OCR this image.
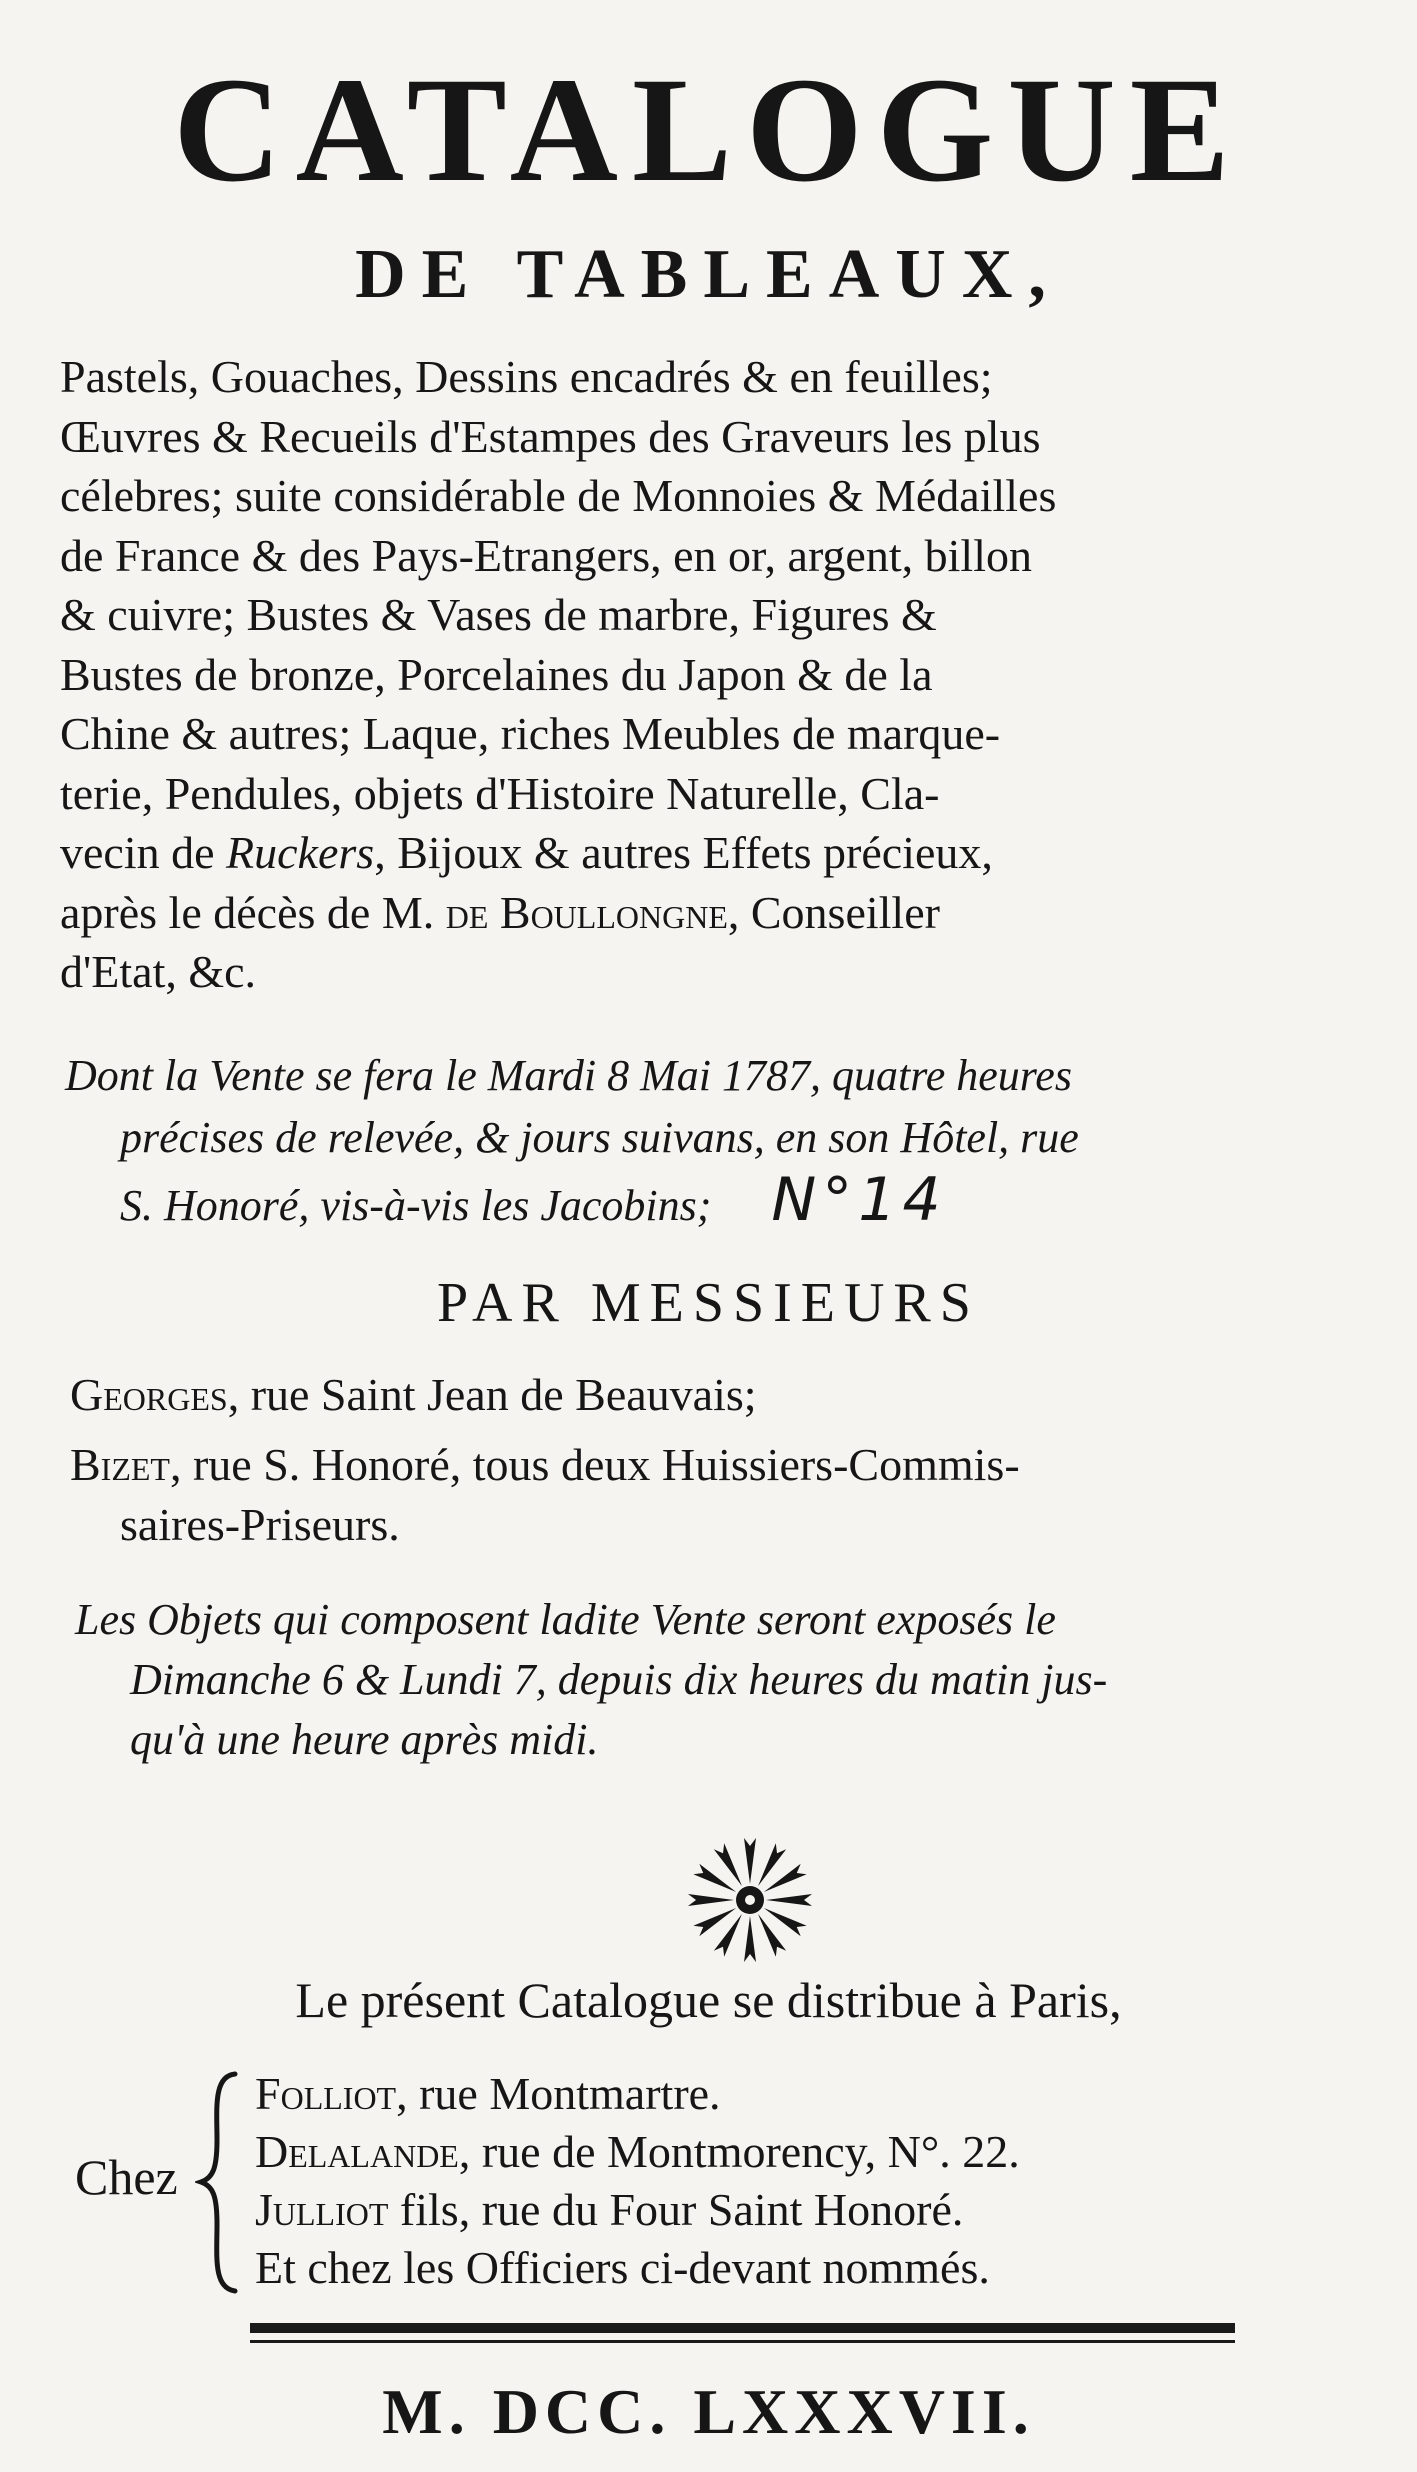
CATALOGUE
DE TABLEAUX,
Pastels, Gouaches, Dessins encadrés & en feuilles;
Œuvres & Recueils d'Estampes des Graveurs les plus
célebres; suite considérable de Monnoies & Médailles
de France & des Pays-Etrangers, en or, argent, billon
& cuivre; Bustes & Vases de marbre, Figures &
Bustes de bronze, Porcelaines du Japon & de la
Chine & autres; Laque, riches Meubles de marque-
terie, Pendules, objets d'Histoire Naturelle, Cla-
vecin de Ruckers, Bijoux & autres Effets précieux,
après le décès de M. de Boullongne, Conseiller
d'Etat, &c.
Dont la Vente se fera le Mardi 8 Mai 1787, quatre heures
précises de relevée, & jours suivans, en son Hôtel, rue
S. Honoré, vis-à-vis les Jacobins; N°14
PAR MESSIEURS
Georges, rue Saint Jean de Beauvais;
Bizet, rue S. Honoré, tous deux Huissiers-Commis-
saires-Priseurs.
Les Objets qui composent ladite Vente seront exposés le
Dimanche 6 & Lundi 7, depuis dix heures du matin jus-
qu'à une heure après midi.
Le présent Catalogue se distribue à Paris,
Chez
Folliot, rue Montmartre.
Delalande, rue de Montmorency, N°. 22.
Julliot fils, rue du Four Saint Honoré.
Et chez les Officiers ci-devant nommés.
M. DCC. LXXXVII.
